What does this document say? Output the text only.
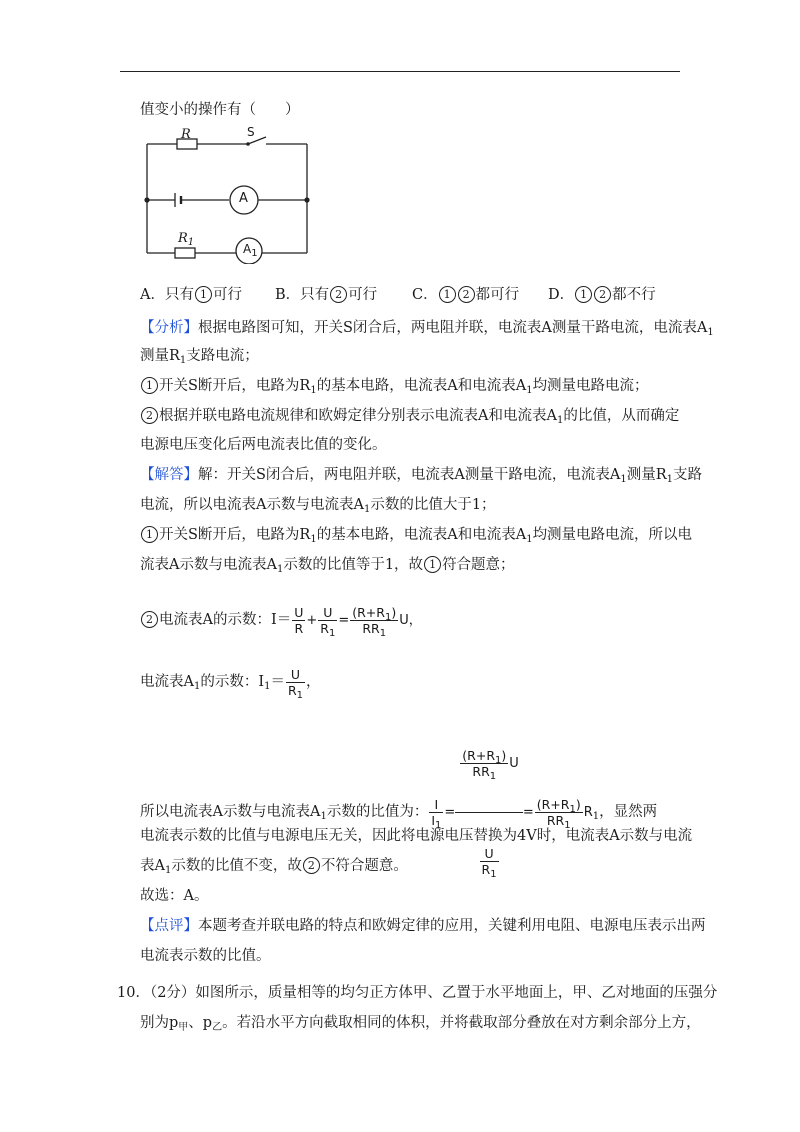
值变小的操作有（　　）
R	S
A
$R_1$	$A_1$
A．只有 1 可行 B．只有 2 可行 C． 1 2 都可行 D． 1 2 都不行
【分析】根据电路图可知，开关S闭合后，两电阻并联，电流表A测量干路电流，电流表$A_1$
测量$R_1$支路电流；
1 开关S断开后，电路为$R_1$的基本电路，电流表A和电流表$A_1$均测量电路电流；
2 根据并联电路电流规律和欧姆定律分别表示电流表A和电流表$A_1$的比值，从而确定
电源电压变化后两电流表比值的变化。
【解答】解：开关S闭合后，两电阻并联，电流表A测量干路电流，电流表$A_1$测量$R_1$支路
电流，所以电流表A示数与电流表$A_1$示数的比值大于1；
1 开关S断开后，电路为$R_1$的基本电路，电流表A和电流表$A_1$均测量电路电流，所以电
流表A示数与电流表$A_1$示数的比值等于1，故 1 符合题意；
2 电流表A的示数：$I= \frac{U}{R} + \frac{U}{R_1} = \frac{(R+R_1)}{RR_1}$ U，
电流表$A_1$的示数：$I_1= \frac{U}{R_1}$ ，
所以电流表A示数与电流表$A_1$示数的比值为： $\frac{I}{I_1} = \frac{\frac{(R+R_1)}{RR_1} U}{\frac{U}{R_1}} = \frac{(R+R_1)}{RR_1} R_1$，显然两
电流表示数的比值与电源电压无关，因此将电源电压替换为4V时，电流表A示数与电流
表$A_1$示数的比值不变，故 2 不符合题意。
故选：A。
【点评】本题考查并联电路的特点和欧姆定律的应用，关键利用电阻、电源电压表示出两
电流表示数的比值。
10．（2分）如图所示，质量相等的均匀正方体甲、乙置于水平地面上，甲、乙对地面的压强分
别为$p_甲$、$p_乙$。若沿水平方向截取相同的体积，并将截取部分叠放在对方剩余部分上方，
